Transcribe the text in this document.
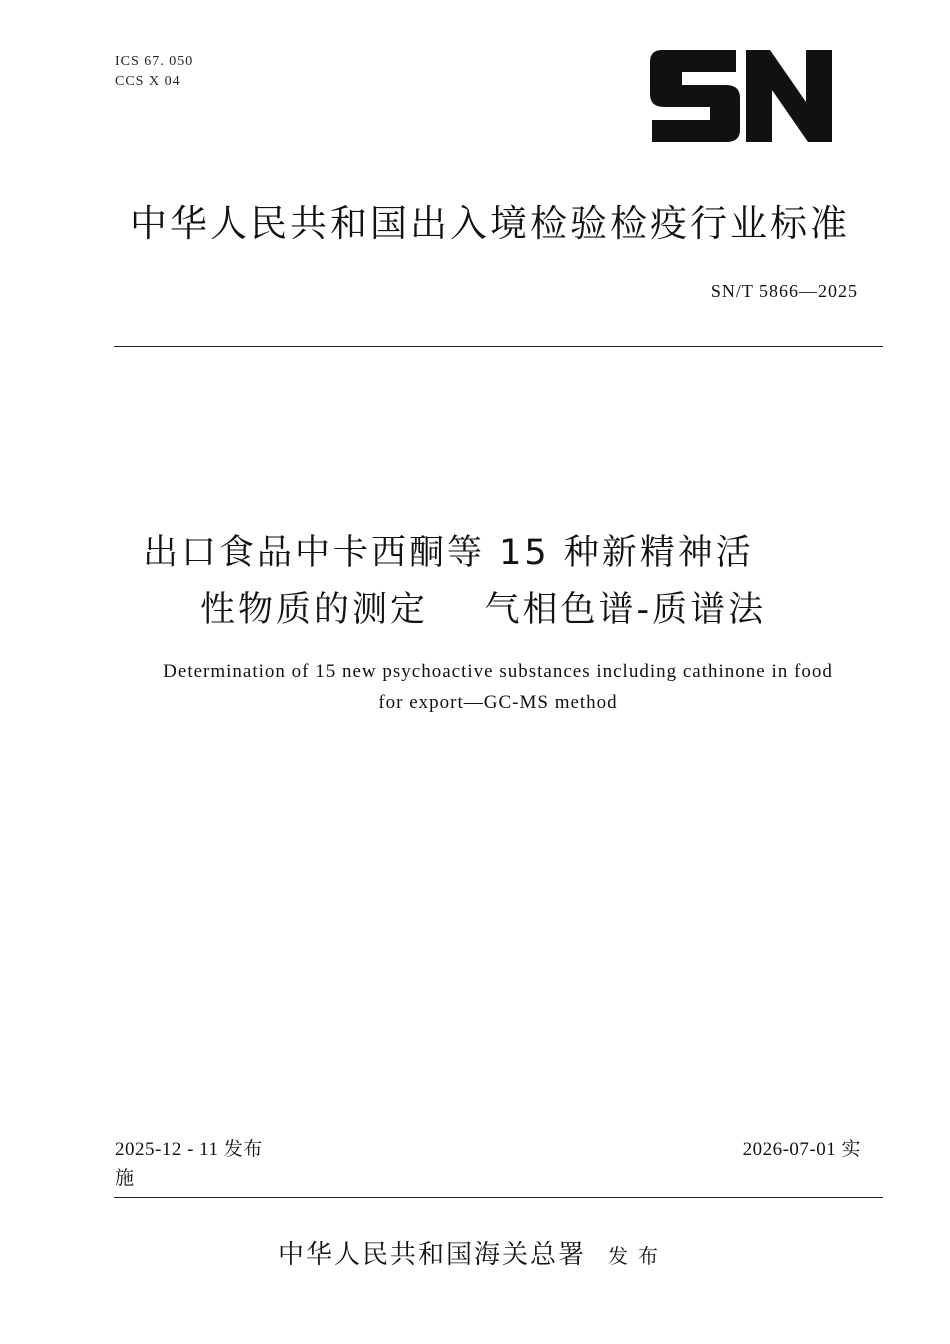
ICS 67. 050
CCS X 04
中华人民共和国出入境检验检疫行业标准
SN/T 5866—2025
出口食品中卡西酮等 15 种新精神活
性物质的测定    气相色谱-质谱法
Determination of 15 new psychoactive substances including cathinone in food
for export—GC-MS method
2025-12 - 11 发布
施
2026-07-01 实
中华人民共和国海关总署 发布
